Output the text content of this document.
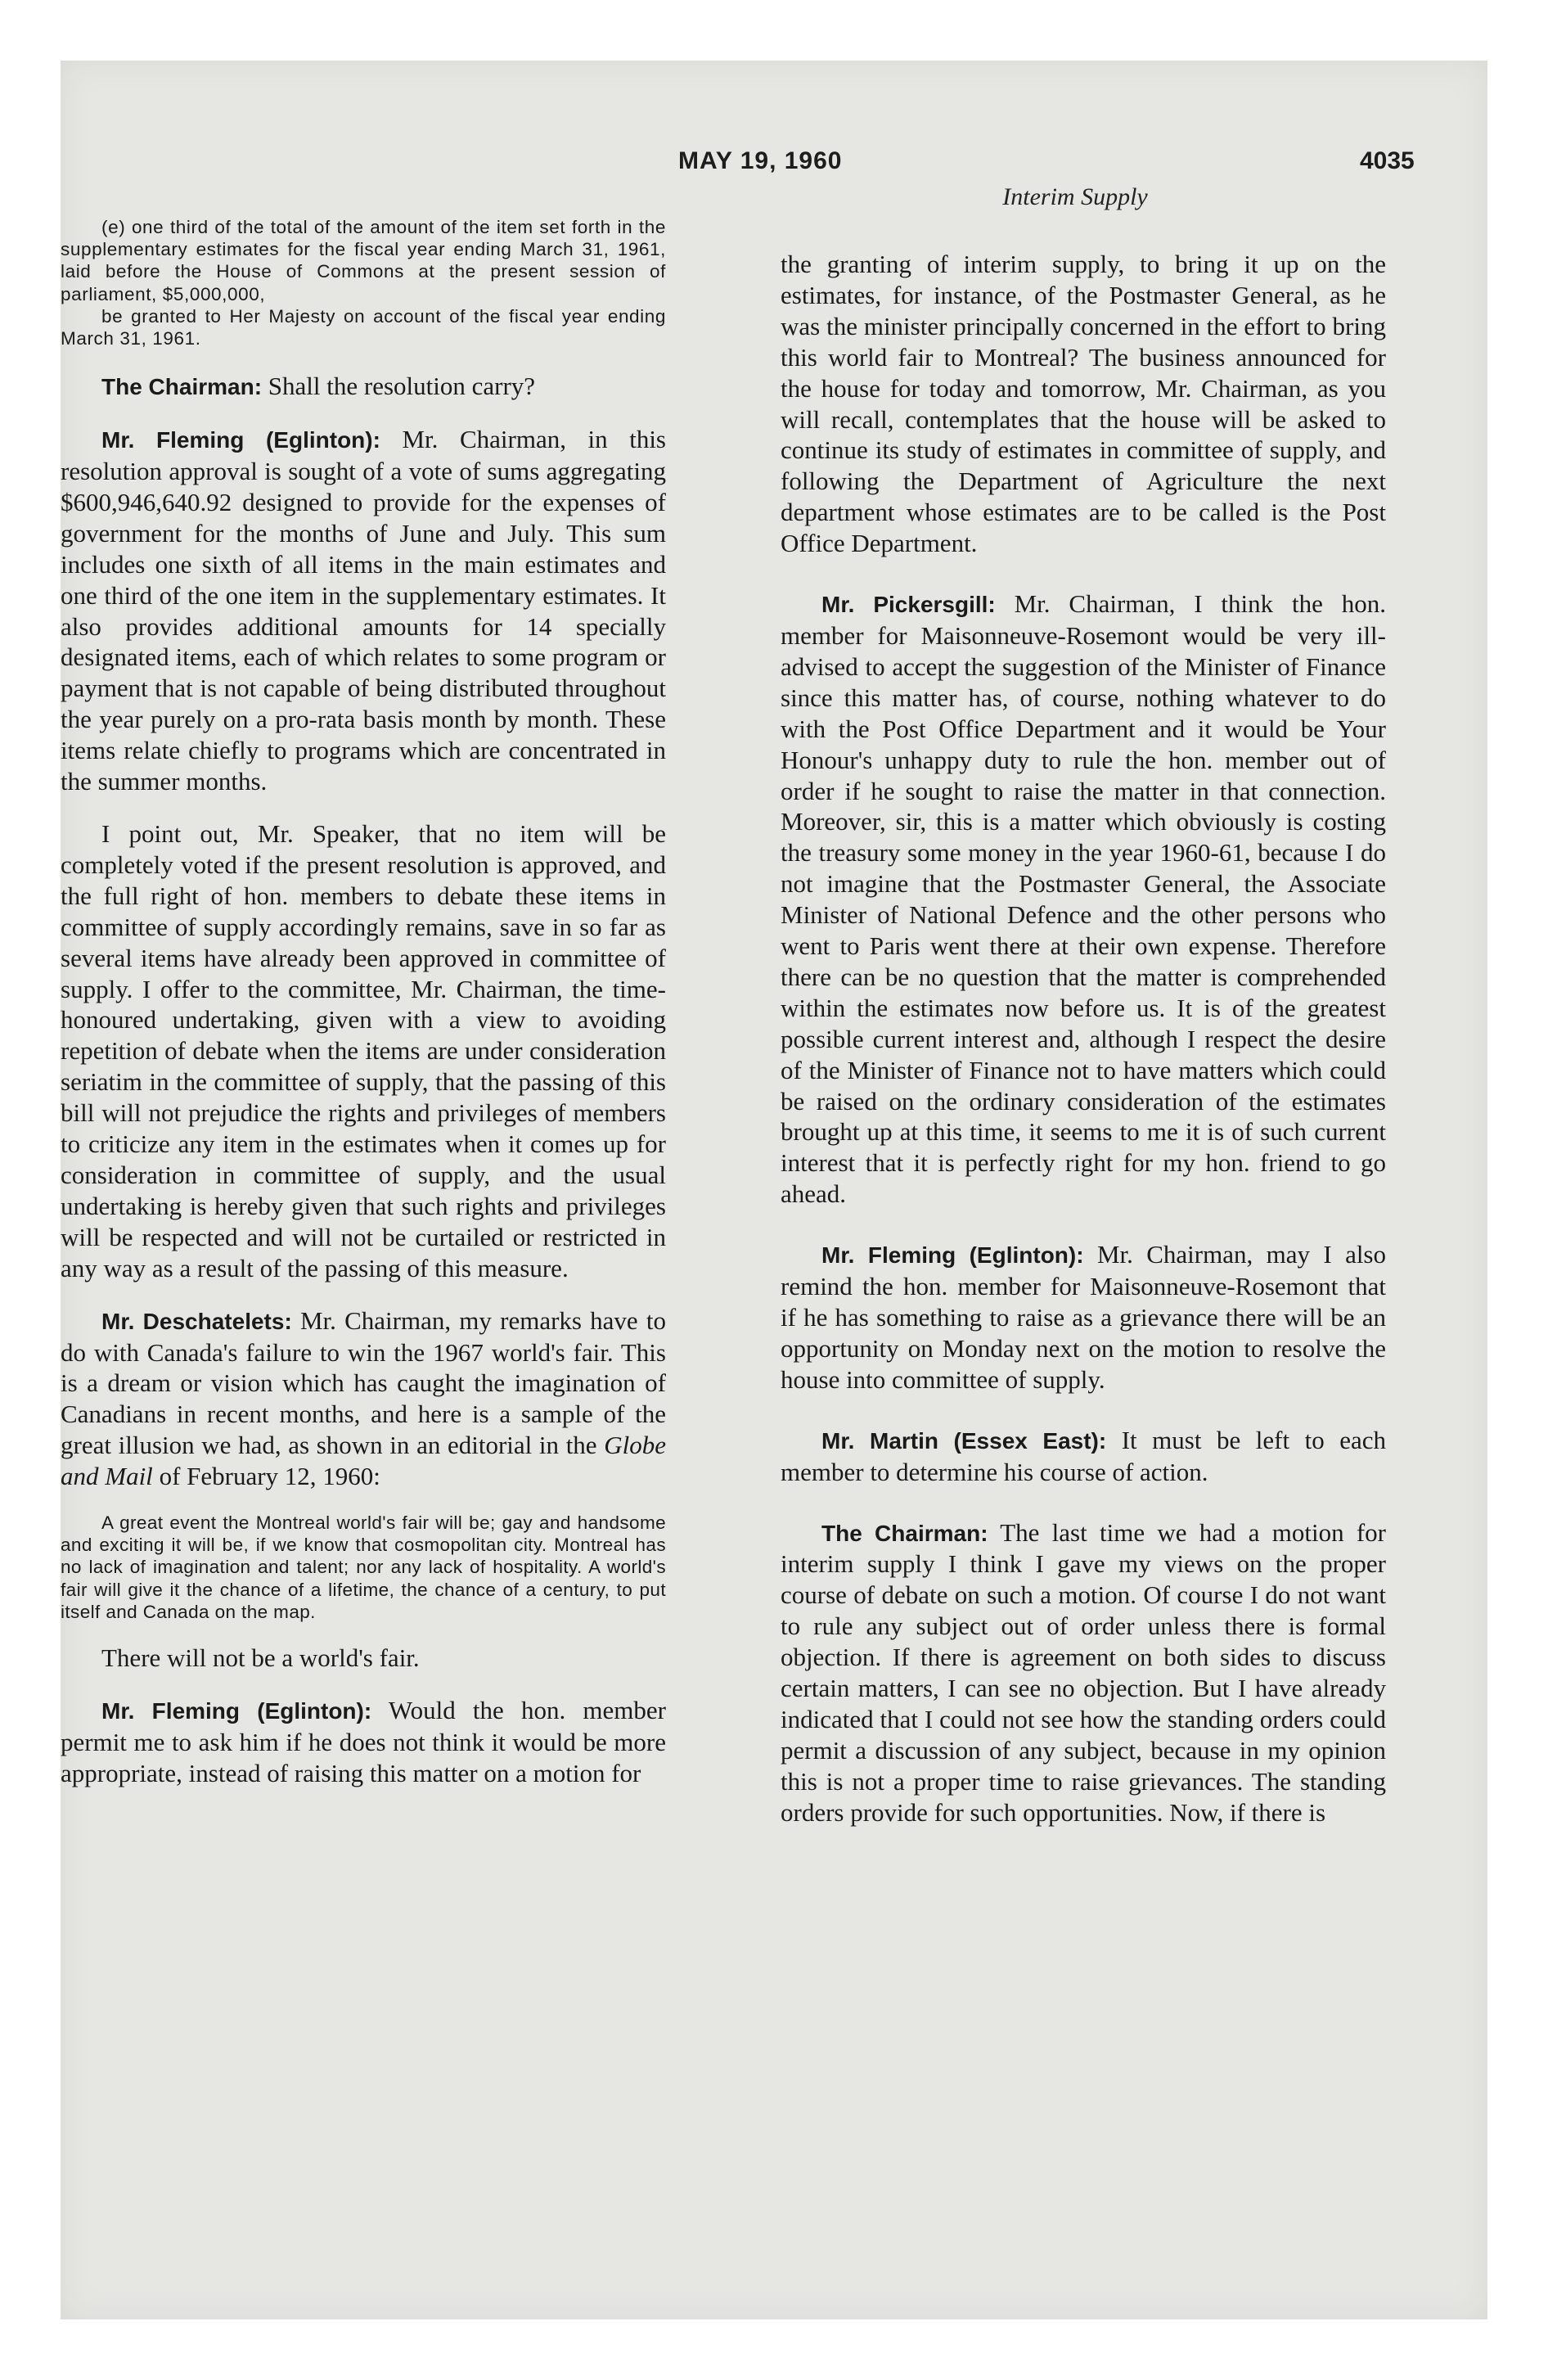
MAY 19, 1960	4035
Interim Supply

(e) one third of the total of the amount of the item set forth in the supplementary estimates for the fiscal year ending March 31, 1961, laid before the House of Commons at the present session of parliament, $5,000,000,

be granted to Her Majesty on account of the fiscal year ending March 31, 1961.

The Chairman: Shall the resolution carry?

Mr. Fleming (Eglinton): Mr. Chairman, in this resolution approval is sought of a vote of sums aggregating $600,946,640.92 designed to provide for the expenses of government for the months of June and July. This sum includes one sixth of all items in the main estimates and one third of the one item in the supplementary estimates. It also provides additional amounts for 14 specially designated items, each of which relates to some program or payment that is not capable of being distributed throughout the year purely on a pro-rata basis month by month. These items relate chiefly to programs which are concentrated in the summer months.

I point out, Mr. Speaker, that no item will be completely voted if the present resolution is approved, and the full right of hon. members to debate these items in committee of supply accordingly remains, save in so far as several items have already been approved in committee of supply. I offer to the committee, Mr. Chairman, the time-honoured undertaking, given with a view to avoiding repetition of debate when the items are under consideration seriatim in the committee of supply, that the passing of this bill will not prejudice the rights and privileges of members to criticize any item in the estimates when it comes up for consideration in committee of supply, and the usual undertaking is hereby given that such rights and privileges will be respected and will not be curtailed or restricted in any way as a result of the passing of this measure.

Mr. Deschatelets: Mr. Chairman, my remarks have to do with Canada's failure to win the 1967 world's fair. This is a dream or vision which has caught the imagination of Canadians in recent months, and here is a sample of the great illusion we had, as shown in an editorial in the Globe and Mail of February 12, 1960:

A great event the Montreal world's fair will be; gay and handsome and exciting it will be, if we know that cosmopolitan city. Montreal has no lack of imagination and talent; nor any lack of hospitality. A world's fair will give it the chance of a lifetime, the chance of a century, to put itself and Canada on the map.

There will not be a world's fair.

Mr. Fleming (Eglinton): Would the hon. member permit me to ask him if he does not think it would be more appropriate, instead of raising this matter on a motion for

the granting of interim supply, to bring it up on the estimates, for instance, of the Postmaster General, as he was the minister principally concerned in the effort to bring this world fair to Montreal? The business announced for the house for today and tomorrow, Mr. Chairman, as you will recall, contemplates that the house will be asked to continue its study of estimates in committee of supply, and following the Department of Agriculture the next department whose estimates are to be called is the Post Office Department.

Mr. Pickersgill: Mr. Chairman, I think the hon. member for Maisonneuve-Rosemont would be very ill-advised to accept the suggestion of the Minister of Finance since this matter has, of course, nothing whatever to do with the Post Office Department and it would be Your Honour's unhappy duty to rule the hon. member out of order if he sought to raise the matter in that connection. Moreover, sir, this is a matter which obviously is costing the treasury some money in the year 1960-61, because I do not imagine that the Postmaster General, the Associate Minister of National Defence and the other persons who went to Paris went there at their own expense. Therefore there can be no question that the matter is comprehended within the estimates now before us. It is of the greatest possible current interest and, although I respect the desire of the Minister of Finance not to have matters which could be raised on the ordinary consideration of the estimates brought up at this time, it seems to me it is of such current interest that it is perfectly right for my hon. friend to go ahead.

Mr. Fleming (Eglinton): Mr. Chairman, may I also remind the hon. member for Maisonneuve-Rosemont that if he has something to raise as a grievance there will be an opportunity on Monday next on the motion to resolve the house into committee of supply.

Mr. Martin (Essex East): It must be left to each member to determine his course of action.

The Chairman: The last time we had a motion for interim supply I think I gave my views on the proper course of debate on such a motion. Of course I do not want to rule any subject out of order unless there is formal objection. If there is agreement on both sides to discuss certain matters, I can see no objection. But I have already indicated that I could not see how the standing orders could permit a discussion of any subject, because in my opinion this is not a proper time to raise grievances. The standing orders provide for such opportunities. Now, if there is
